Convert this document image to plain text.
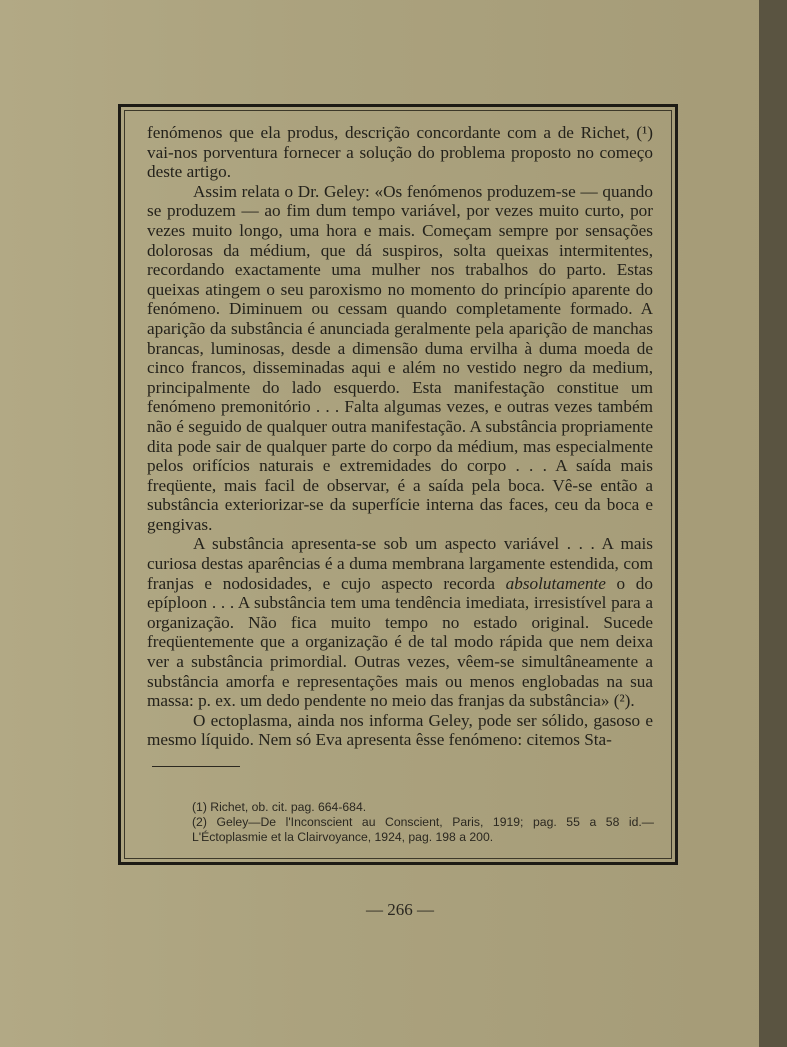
fenómenos que ela produs, descrição concordante com a de Richet, (¹) vai-nos porventura fornecer a solução do problema proposto no começo deste artigo.

Assim relata o Dr. Geley: «Os fenómenos produzem-se — quando se produzem — ao fim dum tempo variável, por vezes muito curto, por vezes muito longo, uma hora e mais. Começam sempre por sensações dolorosas da médium, que dá suspiros, solta queixas intermitentes, recordando exactamente uma mulher nos trabalhos do parto. Estas queixas atingem o seu paroxismo no momento do princípio aparente do fenómeno. Diminuem ou cessam quando completamente formado. A aparição da substância é anunciada geralmente pela aparição de manchas brancas, luminosas, desde a dimensão duma ervilha à duma moeda de cinco francos, disseminadas aqui e além no vestido negro da medium, principalmente do lado esquerdo. Esta manifestação constitue um fenómeno premonitório . . . Falta algumas vezes, e outras vezes também não é seguido de qualquer outra manifestação. A substância propriamente dita pode sair de qualquer parte do corpo da médium, mas especialmente pelos orifícios naturais e extremidades do corpo . . . A saída mais freqüente, mais facil de observar, é a saída pela boca. Vê-se então a substância exteriorizar-se da superfície interna das faces, ceu da boca e gengivas.

A substância apresenta-se sob um aspecto variável . . . A mais curiosa destas aparências é a duma membrana largamente estendida, com franjas e nodosidades, e cujo aspecto recorda absolutamente o do epíploon . . . A substância tem uma tendência imediata, irresistível para a organização. Não fica muito tempo no estado original. Sucede freqüentemente que a organização é de tal modo rápida que nem deixa ver a substância primordial. Outras vezes, vêem-se simultâneamente a substância amorfa e representações mais ou menos englobadas na sua massa: p. ex. um dedo pendente no meio das franjas da substância» (²).

O ectoplasma, ainda nos informa Geley, pode ser sólido, gasoso e mesmo líquido. Nem só Eva apresenta êsse fenómeno: citemos Sta-

(1) Richet, ob. cit. pag. 664-684.

(2) Geley—De l'Inconscient au Conscient, Paris, 1919; pag. 55 a 58 id.—L'Éctoplasmie et la Clairvoyance, 1924, pag. 198 a 200.

— 266 —
